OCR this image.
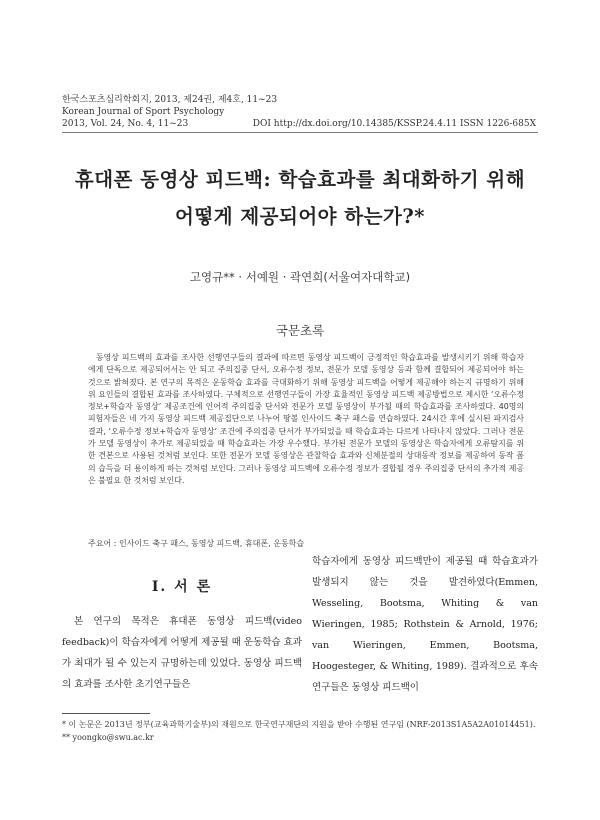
한국스포츠심리학회지, 2013, 제24권, 제4호, 11~23
Korean Journal of Sport Psychology
2013, Vol. 24, No. 4, 11~23	DOI http://dx.doi.org/10.14385/KSSP.24.4.11 ISSN 1226-685X
휴대폰 동영상 피드백: 학습효과를 최대화하기 위해
어떻게 제공되어야 하는가?*
고영규** · 서예원 · 곽연희(서울여자대학교)
국문초록

동영상 피드백의 효과를 조사한 선행연구들의 결과에 따르면 동영상 피드백이 긍정적인 학습효과를 발생시키기 위해 학습자에게 단독으로 제공되어서는 안 되고 주의집중 단서, 오류수정 정보, 전문가 모델 동영상 등과 함께 결합되어 제공되어야 하는 것으로 밝혀졌다. 본 연구의 목적은 운동학습 효과를 극대화하기 위해 동영상 피드백을 어떻게 제공해야 하는지 규명하기 위해 위 요인들의 결합된 효과를 조사하였다. 구체적으로 선행연구들이 가장 효율적인 동영상 피드백 제공방법으로 제시한 ‘오류수정 정보+학습자 동영상’ 제공조건에 인어적 주의집중 단서와 전문가 모델 동영상이 부가될 때의 학습효과를 조사하였다. 40명의 피험자들은 네 가지 동영상 피드백 제공집단으로 나누어 땅볼 인사이드 축구 패스를 연습하였다. 24시간 후에 실시된 파지검사 결과, ‘오류수정 정보+학습자 동영상’ 조건에 주의집중 단서가 부가되었을 때 학습효과는 다르게 나타나지 않았다. 그러나 전문가 모델 동영상이 추가로 제공되었을 때 학습효과는 가장 우수했다. 부가된 전문가 모델의 동영상은 학습자에게 오류탐지를 위한 견본으로 사용된 것처럼 보인다. 또한 전문가 모델 동영상은 관찰학습 효과와 신체분절의 상대동작 정보를 제공하여 동작 폼의 습득을 더 용이하게 하는 것처럼 보인다. 그러나 동영상 피드백에 오류수정 정보가 결합될 경우 주의집중 단서의 추가적 제공은 불필요 한 것처럼 보인다.

주요어 : 인사이드 축구 패스, 동영상 피드백, 휴대폰, 운동학습
I. 서 론

본 연구의 목적은 휴대폰 동영상 피드백(video feedback)이 학습자에게 어떻게 제공될 때 운동학습 효과가 최대가 될 수 있는지 규명하는데 있었다. 동영상 피드백의 효과를 조사한 초기연구들은

학습자에게 동영상 피드백만이 제공될 때 학습효과가 발생되지 않는 것을 발견하였다(Emmen, Wesseling, Bootsma, Whiting & van Wieringen, 1985; Rothstein & Arnold, 1976; van Wieringen, Emmen, Bootsma, Hoogesteger, & Whiting, 1989). 결과적으로 후속연구들은 동영상 피드백이

* 이 논문은 2013년 정부(교육과학기술부)의 재원으로 한국연구재단의 지원을 받아 수행된 연구임 (NRF-2013S1A5A2A01014451).
** yoongko@swu.ac.kr
